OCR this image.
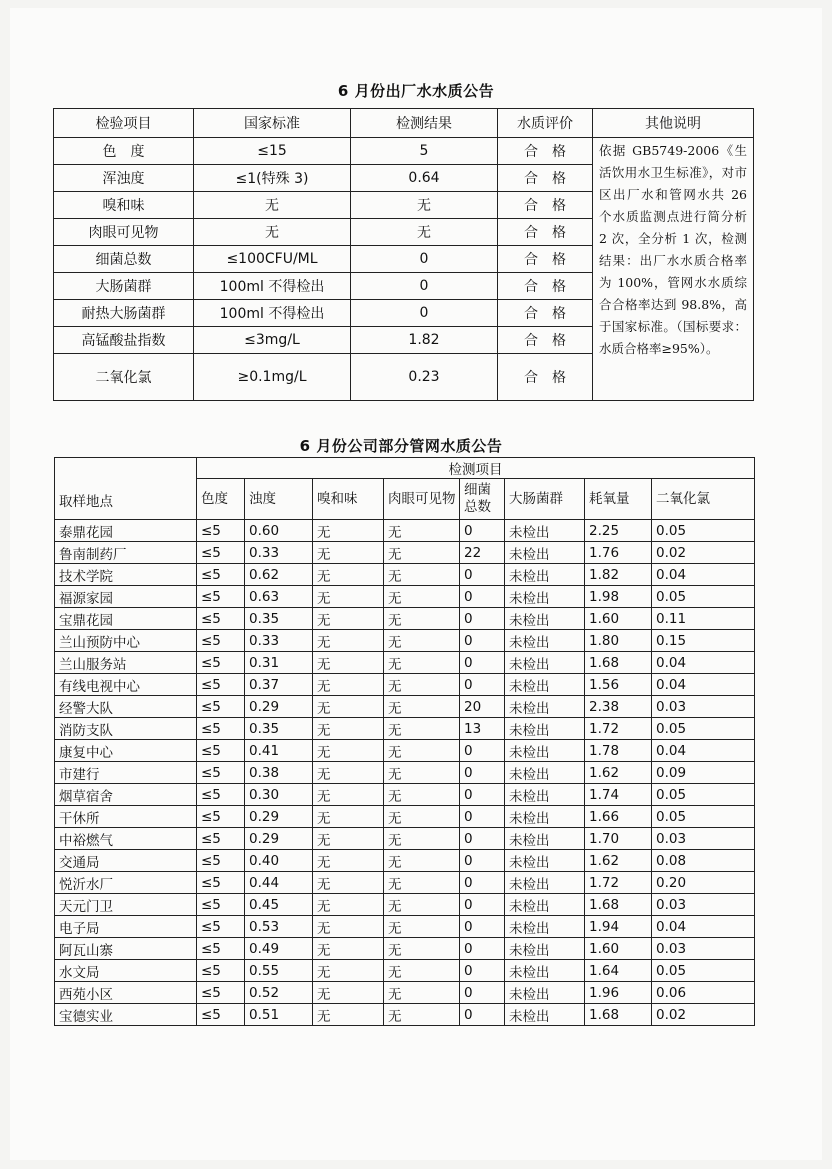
6 月份出厂水水质公告
检验项目	国家标准	检测结果	水质评价	其他说明
色　度	≤15	5	合格	依据 GB5749-2006《生活饮用水卫生标准》，对市区出厂水和管网水共 26 个水质监测点进行简分析 2 次，全分析 1 次，检测结果：出厂水水质合格率为 100%，管网水水质综合合格率达到 98.8%，高于国家标准。（国标要求：水质合格率≥95%）。
浑浊度	≤1(特殊 3)	0.64	合格	
嗅和味	无	无	合格	
肉眼可见物	无	无	合格	
细菌总数	≤100CFU/ML	0	合格	
大肠菌群	100ml 不得检出	0	合格	
耐热大肠菌群	100ml 不得检出	0	合格	
高锰酸盐指数	≤3mg/L	1.82	合格	
二氧化氯	≥0.1mg/L	0.23	合格	
6 月份公司部分管网水质公告
取样地点	检测项目							
	色度	浊度	嗅和味	肉眼可见物	细菌总数	大肠菌群	耗氧量	二氧化氯
泰鼎花园	≤5	0.60	无	无	0	未检出	2.25	0.05
鲁南制药厂	≤5	0.33	无	无	22	未检出	1.76	0.02
技术学院	≤5	0.62	无	无	0	未检出	1.82	0.04
福源家园	≤5	0.63	无	无	0	未检出	1.98	0.05
宝鼎花园	≤5	0.35	无	无	0	未检出	1.60	0.11
兰山预防中心	≤5	0.33	无	无	0	未检出	1.80	0.15
兰山服务站	≤5	0.31	无	无	0	未检出	1.68	0.04
有线电视中心	≤5	0.37	无	无	0	未检出	1.56	0.04
经警大队	≤5	0.29	无	无	20	未检出	2.38	0.03
消防支队	≤5	0.35	无	无	13	未检出	1.72	0.05
康复中心	≤5	0.41	无	无	0	未检出	1.78	0.04
市建行	≤5	0.38	无	无	0	未检出	1.62	0.09
烟草宿舍	≤5	0.30	无	无	0	未检出	1.74	0.05
干休所	≤5	0.29	无	无	0	未检出	1.66	0.05
中裕燃气	≤5	0.29	无	无	0	未检出	1.70	0.03
交通局	≤5	0.40	无	无	0	未检出	1.62	0.08
悦沂水厂	≤5	0.44	无	无	0	未检出	1.72	0.20
天元门卫	≤5	0.45	无	无	0	未检出	1.68	0.03
电子局	≤5	0.53	无	无	0	未检出	1.94	0.04
阿瓦山寨	≤5	0.49	无	无	0	未检出	1.60	0.03
水文局	≤5	0.55	无	无	0	未检出	1.64	0.05
西苑小区	≤5	0.52	无	无	0	未检出	1.96	0.06
宝德实业	≤5	0.51	无	无	0	未检出	1.68	0.02
